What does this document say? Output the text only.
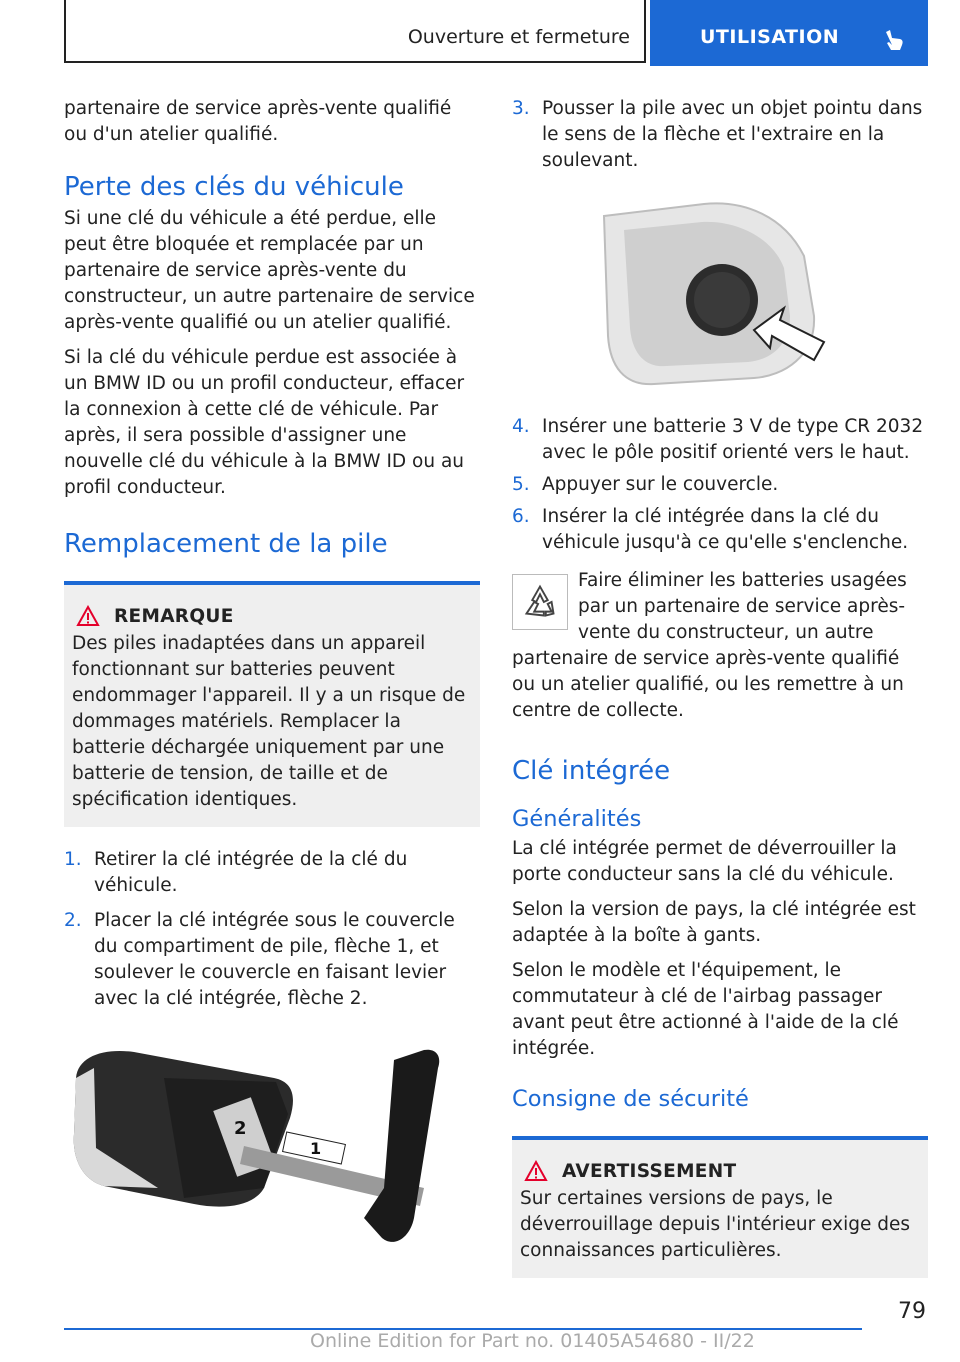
Ouverture et fermeture	UTILISATION

partenaire de service après-vente qualifié ou d'un atelier qualifié.

Perte des clés du véhicule

Si une clé du véhicule a été perdue, elle peut être bloquée et remplacée par un partenaire de service après-vente du constructeur, un autre partenaire de service après-vente qualifié ou un atelier qualifié.

Si la clé du véhicule perdue est associée à un BMW ID ou un profil conducteur, effacer la connexion à cette clé de véhicule. Par après, il sera possible d'assigner une nouvelle clé du véhicule à la BMW ID ou au profil conducteur.

Remplacement de la pile
REMARQUE

Des piles inadaptées dans un appareil fonctionnant sur batteries peuvent endommager l'appareil. Il y a un risque de dommages matériels. Remplacer la batterie déchargée uniquement par une batterie de tension, de taille et de spécification identiques.

1. Retirer la clé intégrée de la clé du véhicule.
2. Placer la clé intégrée sous le couvercle du compartiment de pile, flèche 1, et soulever le couvercle en faisant levier avec la clé intégrée, flèche 2.
2
1
3. Pousser la pile avec un objet pointu dans le sens de la flèche et l'extraire en la soulevant.
4. Insérer une batterie 3 V de type CR 2032 avec le pôle positif orienté vers le haut.
5. Appuyer sur le couvercle.
6. Insérer la clé intégrée dans la clé du véhicule jusqu'à ce qu'elle s'enclenche.

Faire éliminer les batteries usagées par un partenaire de service après-vente du constructeur, un autre partenaire de service après-vente qualifié ou un atelier qualifié, ou les remettre à un centre de collecte.

Clé intégrée
Généralités

La clé intégrée permet de déverrouiller la porte conducteur sans la clé du véhicule.

Selon la version de pays, la clé intégrée est adaptée à la boîte à gants.

Selon le modèle et l'équipement, le commutateur à clé de l'airbag passager avant peut être actionné à l'aide de la clé intégrée.

Consigne de sécurité
AVERTISSEMENT

Sur certaines versions de pays, le déverrouillage depuis l'intérieur exige des connaissances particulières.

79
Online Edition for Part no. 01405A54680 - II/22
